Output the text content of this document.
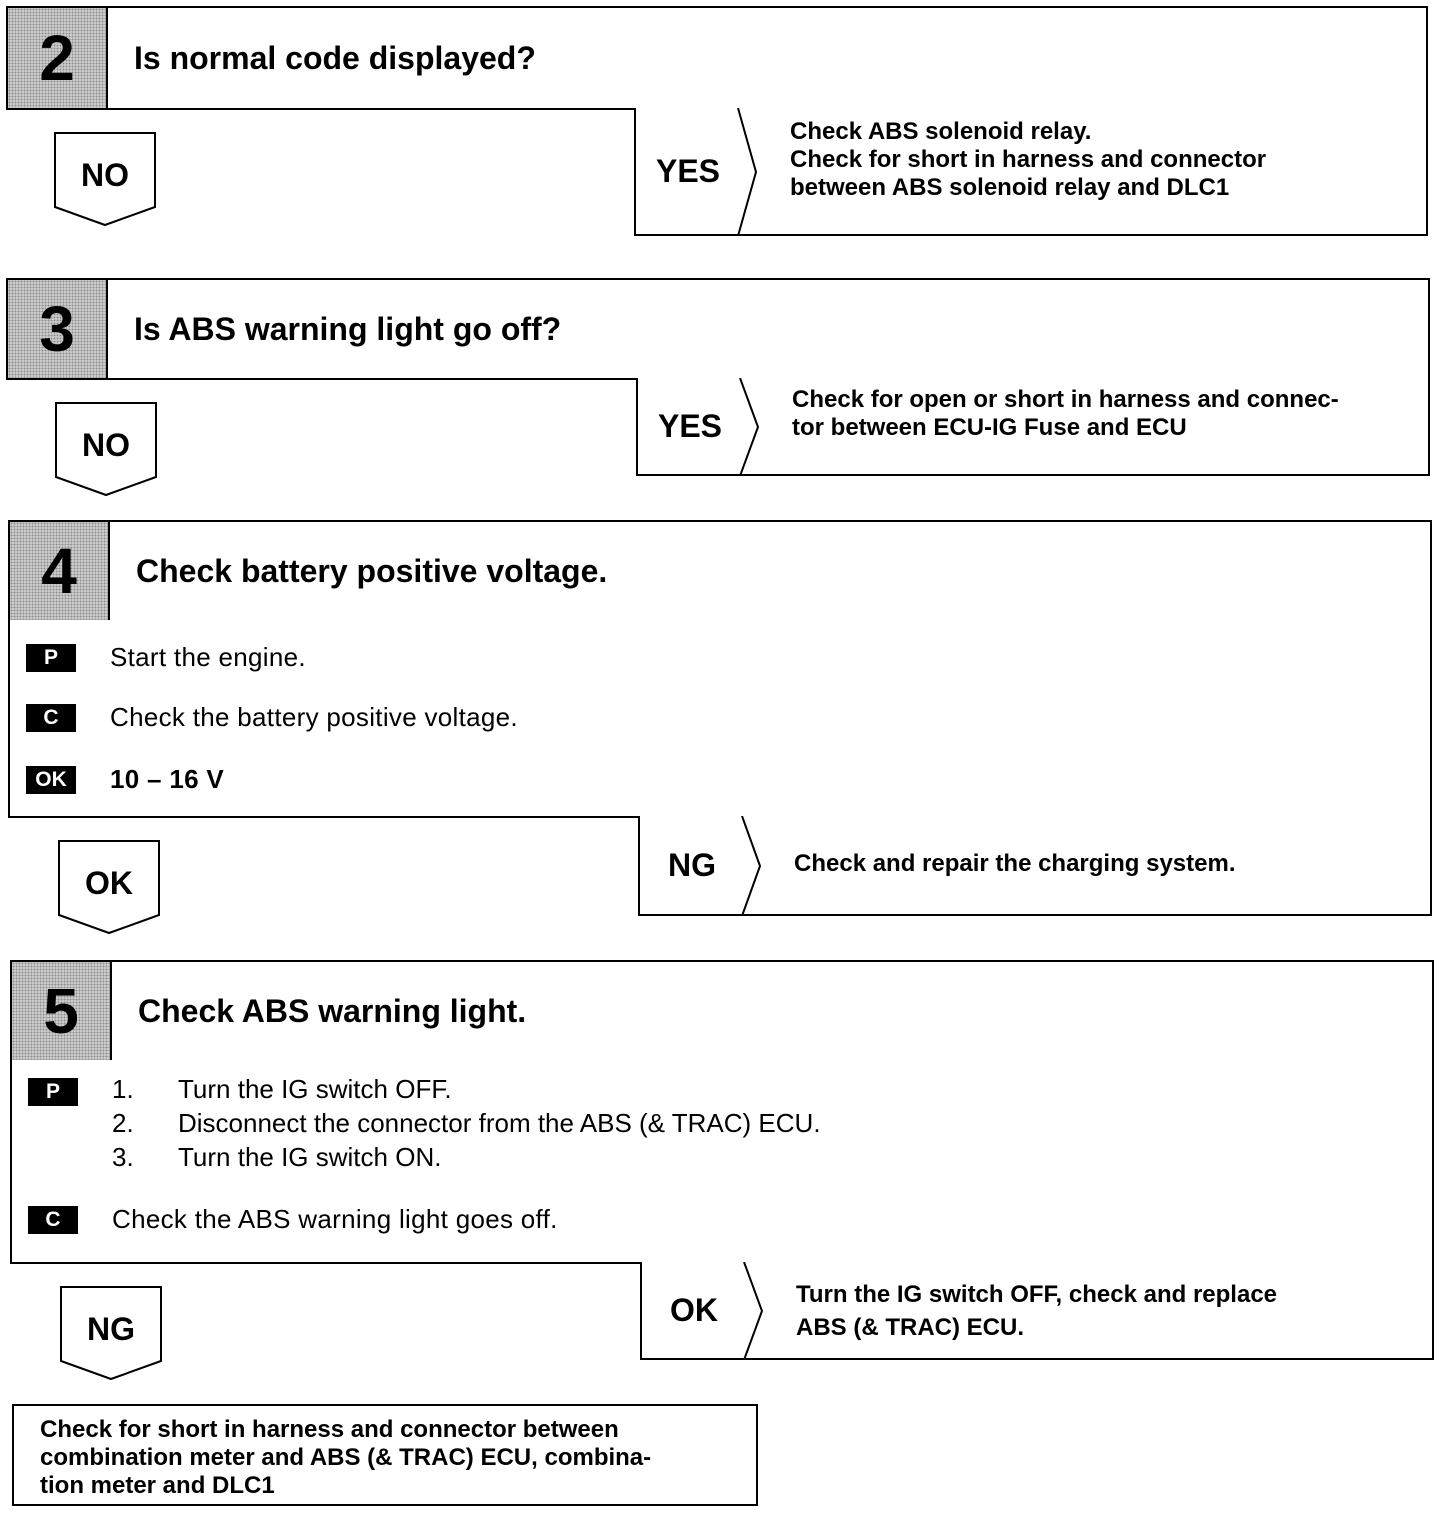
2	Is normal code displayed?
NO	YES
Check ABS solenoid relay.
Check for short in harness and connector
between ABS solenoid relay and DLC1
3	Is ABS warning light go off?
NO
YES
Check for open or short in harness and connec-
tor between ECU-IG Fuse and ECU
4	Check battery positive voltage.
P	Start the engine.
C	Check the battery positive voltage.
OK	10 – 16 V
OK	NG	Check and repair the charging system.
5	Check ABS warning light.
P	1.	Turn the IG switch OFF.
2.	Disconnect the connector from the ABS (& TRAC) ECU.
3.	Turn the IG switch ON.
C	Check the ABS warning light goes off.
NG
OK	Turn the IG switch OFF, check and replace
ABS (& TRAC) ECU.
Check for short in harness and connector between
combination meter and ABS (& TRAC) ECU, combina-
tion meter and DLC1
